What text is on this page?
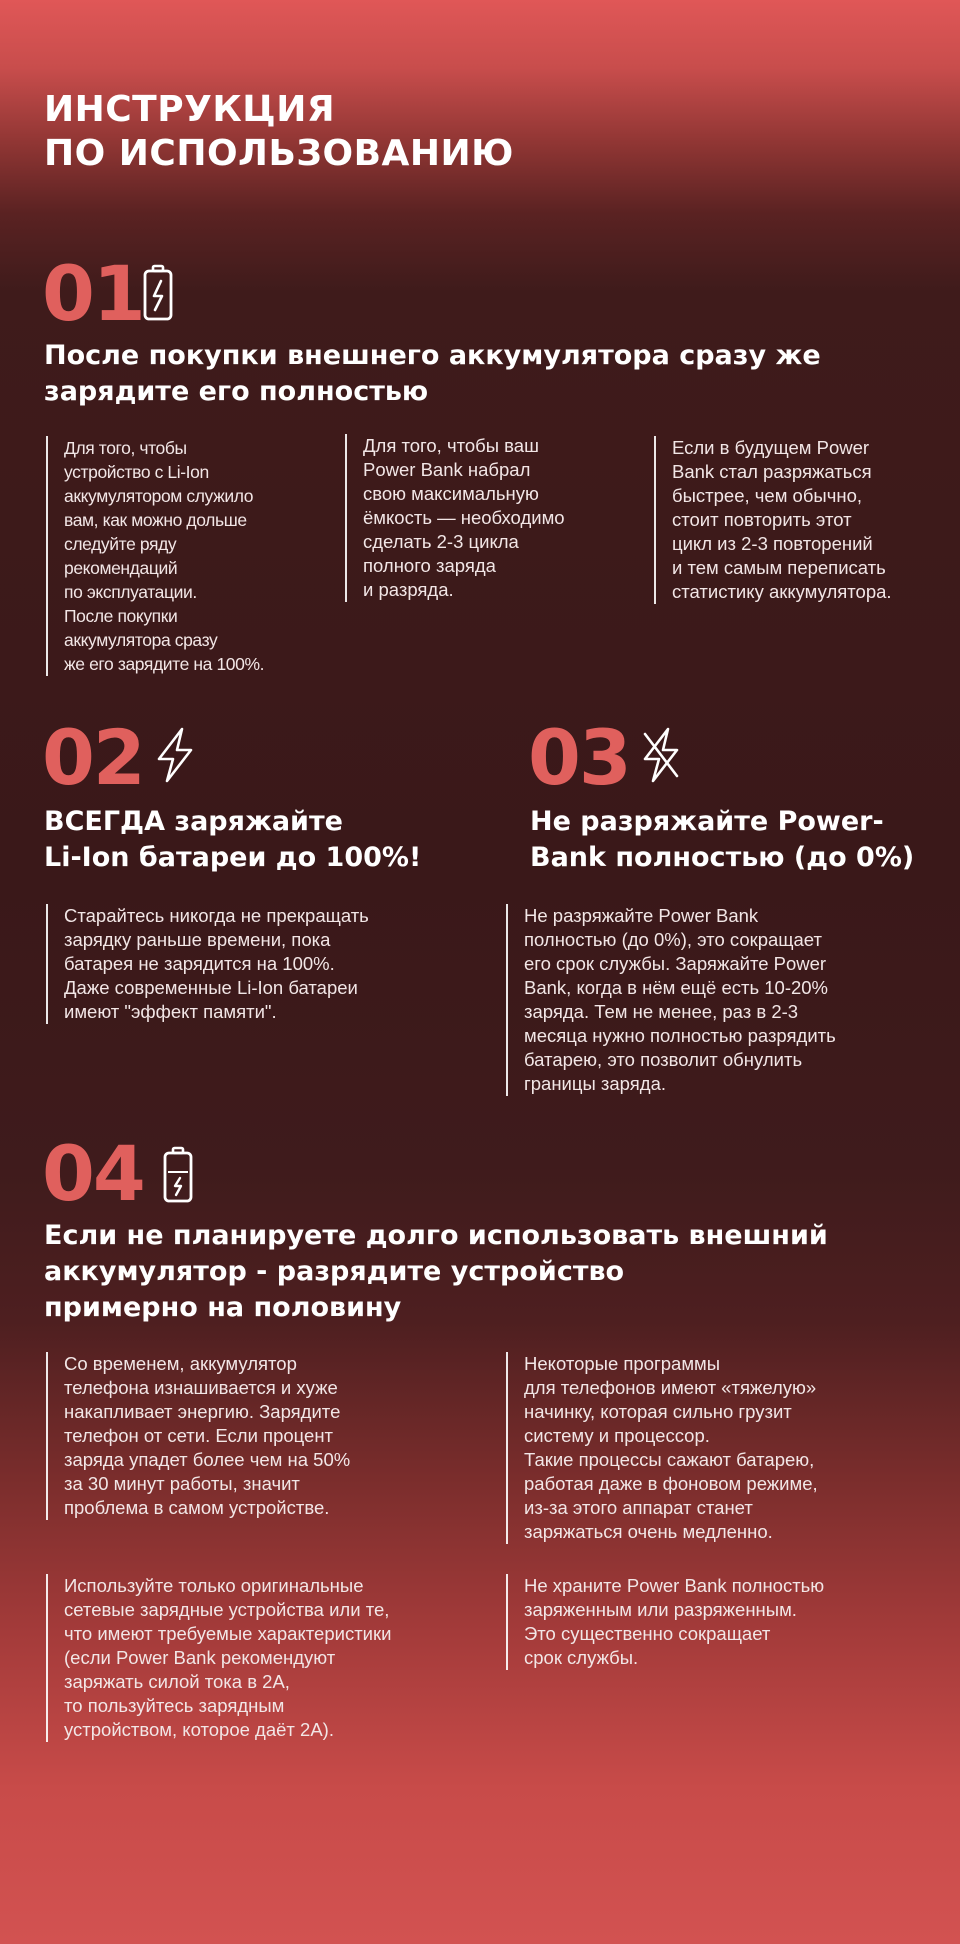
ИНСТРУКЦИЯ
ПО ИСПОЛЬЗОВАНИЮ
01
После покупки внешнего аккумулятора сразу же
зарядите его полностью

Для того, чтобы
устройство с Li-Ion
аккумулятором служило
вам, как можно дольше
следуйте ряду
рекомендаций
по эксплуатации.
После покупки
аккумулятора сразу
же его зарядите на 100%.

Для того, чтобы ваш
Power Bank набрал
свою максимальную
ёмкость — необходимо
сделать 2-3 цикла
полного заряда
и разряда.

Если в будущем Power
Bank стал разряжаться
быстрее, чем обычно,
стоит повторить этот
цикл из 2-3 повторений
и тем самым переписать
статистику аккумулятора.

02
ВСЕГДА заряжайте
Li-Ion батареи до 100%!

Старайтесь никогда не прекращать
зарядку раньше времени, пока
батарея не зарядится на 100%.
Даже современные Li-Ion батареи
имеют "эффект памяти".

03
Не разряжайте Power-
Bank полностью (до 0%)

Не разряжайте Power Bank
полностью (до 0%), это сокращает
его срок службы. Заряжайте Power
Bank, когда в нём ещё есть 10-20%
заряда. Тем не менее, раз в 2-3
месяца нужно полностью разрядить
батарею, это позволит обнулить
границы заряда.

04
Если не планируете долго использовать внешний
аккумулятор - разрядите устройство
примерно на половину

Со временем, аккумулятор
телефона изнашивается и хуже
накапливает энергию. Зарядите
телефон от сети. Если процент
заряда упадет более чем на 50%
за 30 минут работы, значит
проблема в самом устройстве.

Некоторые программы
для телефонов имеют «тяжелую»
начинку, которая сильно грузит
систему и процессор.
Такие процессы сажают батарею,
работая даже в фоновом режиме,
из-за этого аппарат станет
заряжаться очень медленно.

Используйте только оригинальные
сетевые зарядные устройства или те,
что имеют требуемые характеристики
(если Power Bank рекомендуют
заряжать силой тока в 2А,
то пользуйтесь зарядным
устройством, которое даёт 2А).

Не храните Power Bank полностью
заряженным или разряженным.
Это существенно сокращает
срок службы.
